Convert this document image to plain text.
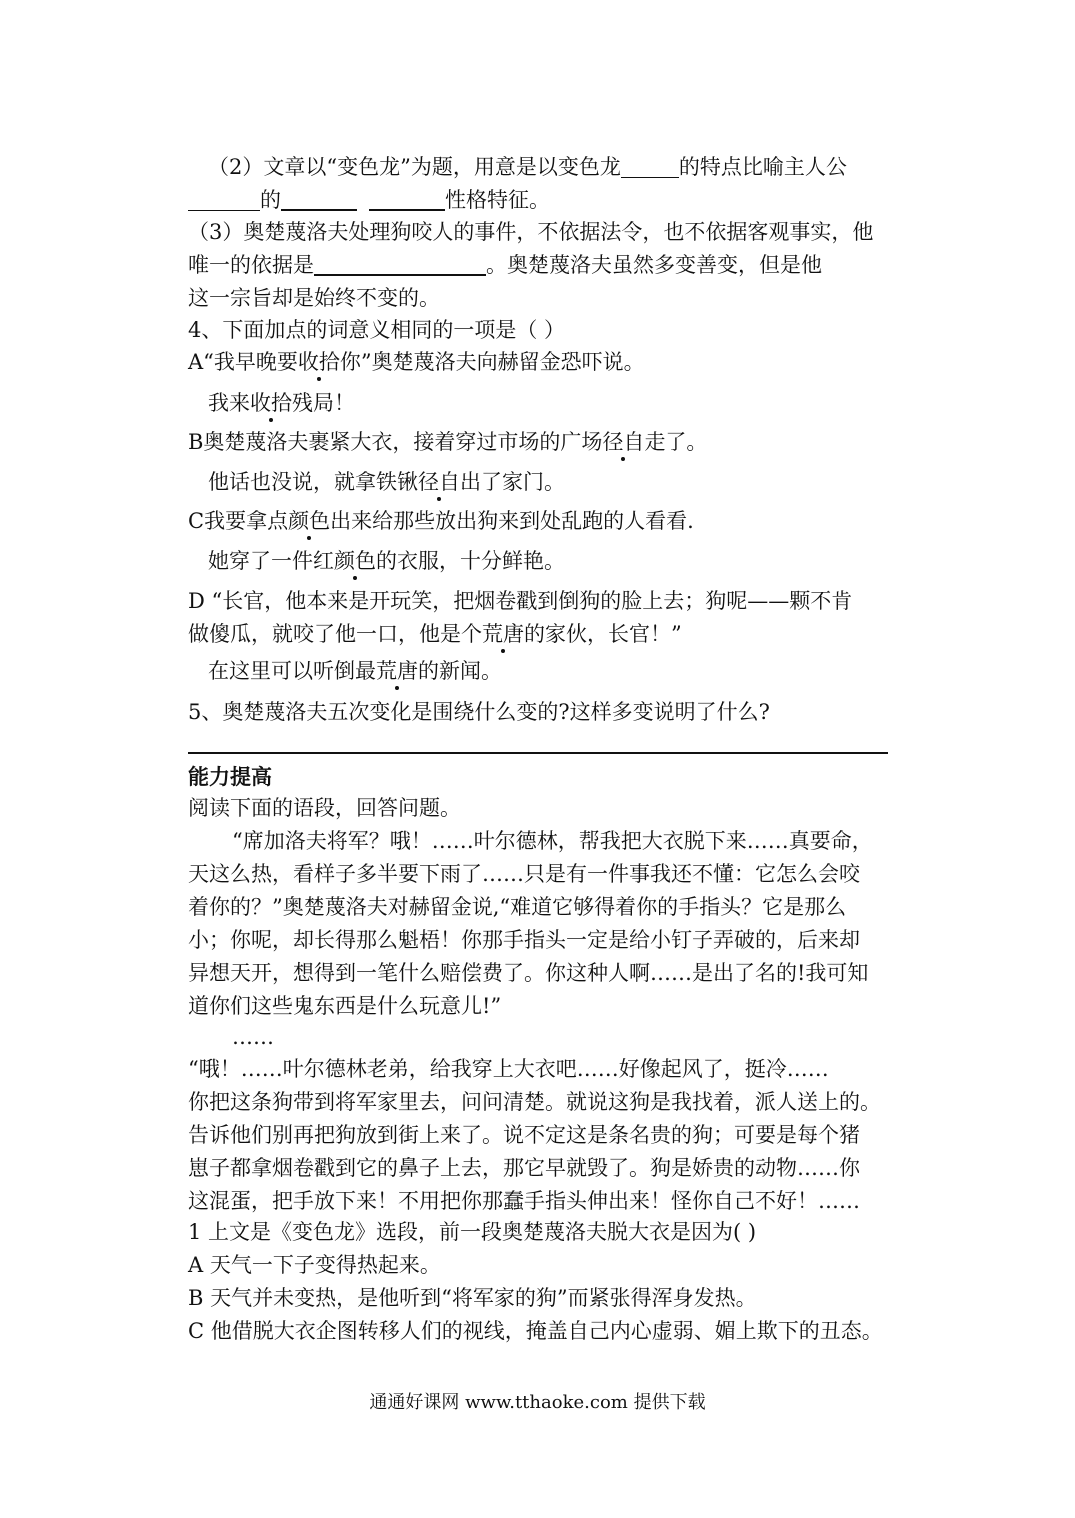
（2）文章以“变色龙”为题，用意是以变色龙	的特点比喻主人公
的	性格特征。
（3）奥楚蔑洛夫处理狗咬人的事件，不依据法令，也不依据客观事实，他
唯一的依据是	。奥楚蔑洛夫虽然多变善变，但是他
这一宗旨却是始终不变的。
4、下面加点的词意义相同的一项是（ ）
A“我早晚要收拾你”奥楚蔑洛夫向赫留金恐吓说。
我来收拾残局！
B奥楚蔑洛夫裹紧大衣，接着穿过市场的广场径自走了。
他话也没说，就拿铁锹径自出了家门。
C我要拿点颜色出来给那些放出狗来到处乱跑的人看看.
她穿了一件红颜色的衣服，十分鲜艳。
D “长官，他本来是开玩笑，把烟卷戳到倒狗的脸上去；狗呢——颗不肯
做傻瓜，就咬了他一口，他是个荒唐的家伙，长官！”
在这里可以听倒最荒唐的新闻。
5、奥楚蔑洛夫五次变化是围绕什么变的?这样多变说明了什么?
能力提高
阅读下面的语段，回答问题。
“席加洛夫将军？哦！……叶尔德林，帮我把大衣脱下来……真要命，
天这么热，看样子多半要下雨了……只是有一件事我还不懂：它怎么会咬
着你的？”奥楚蔑洛夫对赫留金说,“难道它够得着你的手指头？它是那么
小；你呢，却长得那么魁梧！你那手指头一定是给小钉子弄破的，后来却
异想天开，想得到一笔什么赔偿费了。你这种人啊……是出了名的!我可知
道你们这些鬼东西是什么玩意儿!”
……
“哦！……叶尔德林老弟，给我穿上大衣吧……好像起风了，挺冷……
你把这条狗带到将军家里去，问问清楚。就说这狗是我找着，派人送上的。
告诉他们别再把狗放到街上来了。说不定这是条名贵的狗；可要是每个猪
崽子都拿烟卷戳到它的鼻子上去，那它早就毁了。狗是娇贵的动物……你
这混蛋，把手放下来！不用把你那蠢手指头伸出来！怪你自己不好！……
1 上文是《变色龙》选段，前一段奥楚蔑洛夫脱大衣是因为( )
A 天气一下子变得热起来。
B 天气并未变热，是他听到“将军家的狗”而紧张得浑身发热。
C 他借脱大衣企图转移人们的视线，掩盖自己内心虚弱、媚上欺下的丑态。
通通好课网 www.tthaoke.com 提供下载
